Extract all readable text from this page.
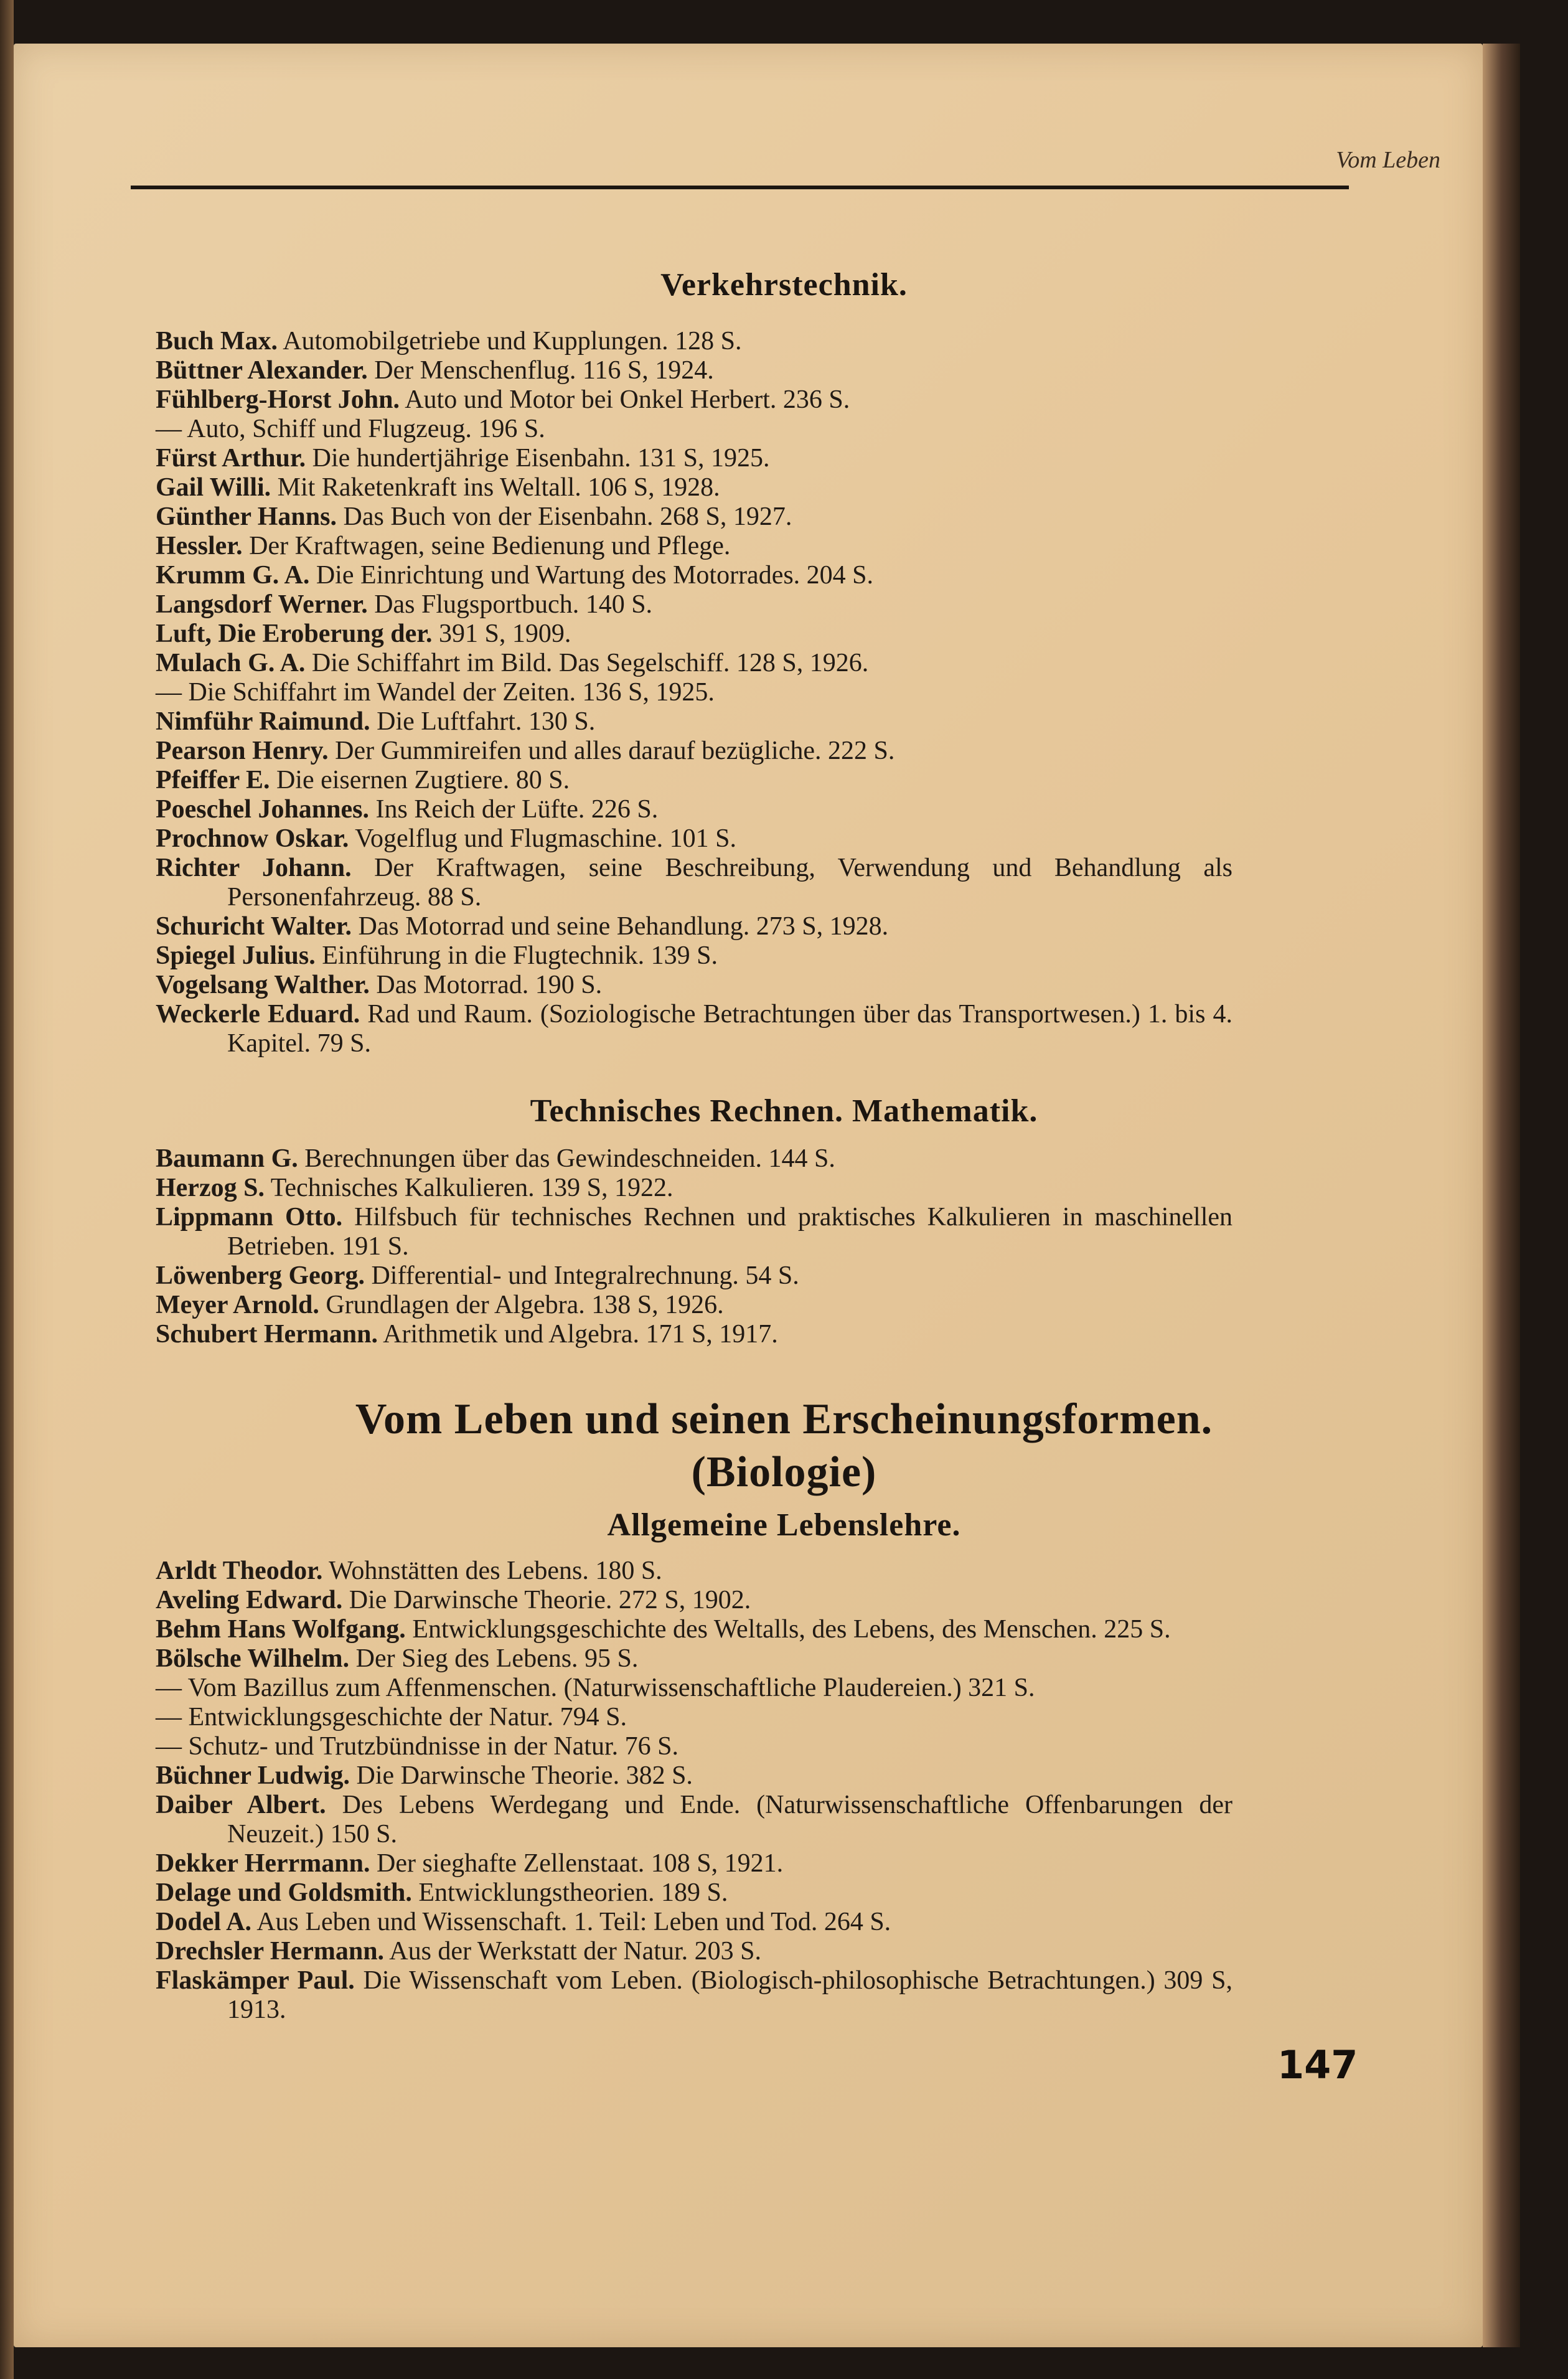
Vom Leben
Verkehrstechnik.

Buch Max. Automobilgetriebe und Kupplungen. 128 S.

Büttner Alexander. Der Menschenflug. 116 S, 1924.

Fühlberg-Horst John. Auto und Motor bei Onkel Herbert. 236 S.

— Auto, Schiff und Flugzeug. 196 S.

Fürst Arthur. Die hundertjährige Eisenbahn. 131 S, 1925.

Gail Willi. Mit Raketenkraft ins Weltall. 106 S, 1928.

Günther Hanns. Das Buch von der Eisenbahn. 268 S, 1927.

Hessler. Der Kraftwagen, seine Bedienung und Pflege.

Krumm G. A. Die Einrichtung und Wartung des Motorrades. 204 S.

Langsdorf Werner. Das Flugsportbuch. 140 S.

Luft, Die Eroberung der. 391 S, 1909.

Mulach G. A. Die Schiffahrt im Bild. Das Segelschiff. 128 S, 1926.

— Die Schiffahrt im Wandel der Zeiten. 136 S, 1925.

Nimführ Raimund. Die Luftfahrt. 130 S.

Pearson Henry. Der Gummireifen und alles darauf bezügliche. 222 S.

Pfeiffer E. Die eisernen Zugtiere. 80 S.

Poeschel Johannes. Ins Reich der Lüfte. 226 S.

Prochnow Oskar. Vogelflug und Flugmaschine. 101 S.

Richter Johann. Der Kraftwagen, seine Beschreibung, Verwendung und Behandlung als Personenfahrzeug. 88 S.

Schuricht Walter. Das Motorrad und seine Behandlung. 273 S, 1928.

Spiegel Julius. Einführung in die Flugtechnik. 139 S.

Vogelsang Walther. Das Motorrad. 190 S.

Weckerle Eduard. Rad und Raum. (Soziologische Betrachtungen über das Transportwesen.) 1. bis 4. Kapitel. 79 S.

Technisches Rechnen. Mathematik.

Baumann G. Berechnungen über das Gewindeschneiden. 144 S.

Herzog S. Technisches Kalkulieren. 139 S, 1922.

Lippmann Otto. Hilfsbuch für technisches Rechnen und praktisches Kalkulieren in maschinellen Betrieben. 191 S.

Löwenberg Georg. Differential- und Integralrechnung. 54 S.

Meyer Arnold. Grundlagen der Algebra. 138 S, 1926.

Schubert Hermann. Arithmetik und Algebra. 171 S, 1917.

Vom Leben und seinen Erscheinungsformen.
(Biologie)
Allgemeine Lebenslehre.

Arldt Theodor. Wohnstätten des Lebens. 180 S.

Aveling Edward. Die Darwinsche Theorie. 272 S, 1902.

Behm Hans Wolfgang. Entwicklungsgeschichte des Weltalls, des Lebens, des Menschen. 225 S.

Bölsche Wilhelm. Der Sieg des Lebens. 95 S.

— Vom Bazillus zum Affenmenschen. (Naturwissenschaftliche Plaudereien.) 321 S.

— Entwicklungsgeschichte der Natur. 794 S.

— Schutz- und Trutzbündnisse in der Natur. 76 S.

Büchner Ludwig. Die Darwinsche Theorie. 382 S.

Daiber Albert. Des Lebens Werdegang und Ende. (Naturwissenschaftliche Offenbarungen der Neuzeit.) 150 S.

Dekker Herrmann. Der sieghafte Zellenstaat. 108 S, 1921.

Delage und Goldsmith. Entwicklungstheorien. 189 S.

Dodel A. Aus Leben und Wissenschaft. 1. Teil: Leben und Tod. 264 S.

Drechsler Hermann. Aus der Werkstatt der Natur. 203 S.

Flaskämper Paul. Die Wissenschaft vom Leben. (Biologisch-philosophische Betrachtungen.) 309 S, 1913.

147
